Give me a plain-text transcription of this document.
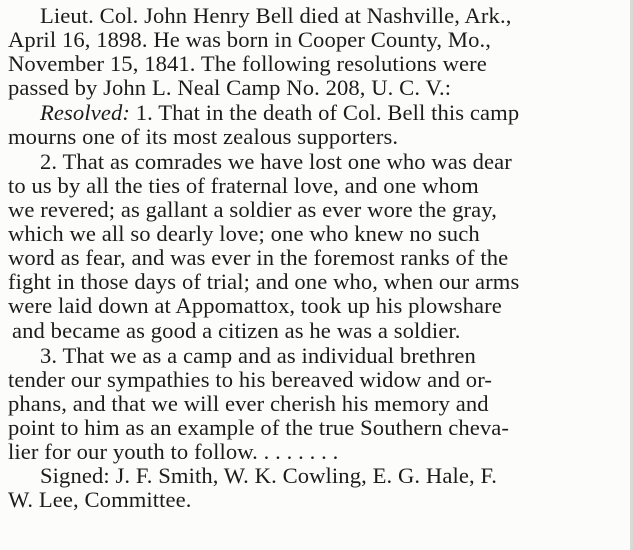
Lieut. Col. John Henry Bell died at Nashville, Ark.,
April 16, 1898. He was born in Cooper County, Mo.,
November 15, 1841. The following resolutions were
passed by John L. Neal Camp No. 208, U. C. V.:
Resolved: 1. That in the death of Col. Bell this camp
mourns one of its most zealous supporters.
2. That as comrades we have lost one who was dear
to us by all the ties of fraternal love, and one whom
we revered; as gallant a soldier as ever wore the gray,
which we all so dearly love; one who knew no such
word as fear, and was ever in the foremost ranks of the
fight in those days of trial; and one who, when our arms
were laid down at Appomattox, took up his plowshare
and became as good a citizen as he was a soldier.
3. That we as a camp and as individual brethren
tender our sympathies to his bereaved widow and or-
phans, and that we will ever cherish his memory and
point to him as an example of the true Southern cheva-
lier for our youth to follow. . . . . . . .
Signed: J. F. Smith, W. K. Cowling, E. G. Hale, F.
W. Lee, Committee.
